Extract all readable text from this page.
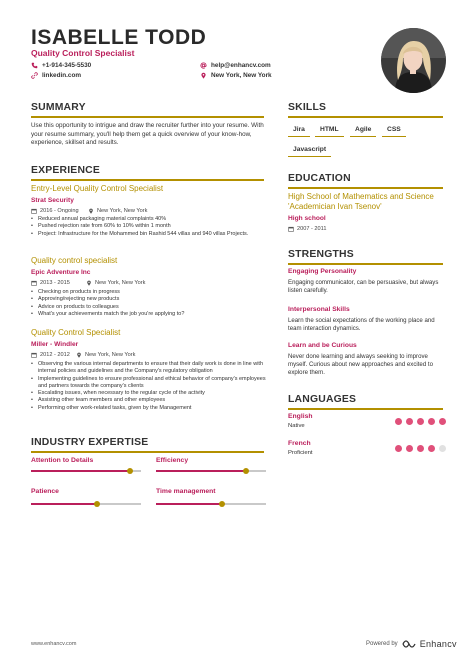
ISABELLE TODD
Quality Control Specialist
+1-914-345-5530	help@enhancv.com
linkedin.com	New York, New York
SUMMARY
Use this opportunity to intrigue and draw the recruiter further into your resume. With your resume summary, you'll help them get a quick overview of your know-how, experience, skillset and results.
EXPERIENCE
Entry-Level Quality Control Specialist
Strat Security
2016 - Ongoing	New York, New York
• Reduced annual packaging material complaints 40%
• Pushed rejection rate from 60% to 10% within 1 month
• Project: Infrastructure for the Mohammed bin Rashid 544 villas and 940 villas Projects.
Quality control specialist
Epic Adventure Inc
2013 - 2015	New York, New York
• Checking on products in progress
• Approving/rejecting new products
• Advice on products to colleagues
• What's your achievements match the job you're applying to?
Quality Control Specialist
Miller - Windler
2012 - 2012	New York, New York
• Observing the various internal departments to ensure that their daily work is done in line with internal policies and guidelines and the Company's regulatory obligation
• Implementing guidelines to ensure professional and ethical behavior of company's employees and partners towards the company's clients
• Escalating issues, when necessary to the regular cycle of the activity
• Assisting other team members and other employees
• Performing other work-related tasks, given by the Management
INDUSTRY EXPERTISE
Attention to Details	Efficiency
Patience	Time management
SKILLS
Jira	HTML	Agile	CSS
Javascript
EDUCATION
High School of Mathematics and Science 'Academician Ivan Tsenov'
High school
2007 - 2011
STRENGTHS
Engaging Personality
Engaging communicator, can be persuasive, but always listen carefully.
Interpersonal Skills
Learn the social expectations of the working place and team interaction dynamics.
Learn and be Curious
Never done learning and always seeking to improve myself. Curious about new approaches and excited to explore them.
LANGUAGES
English
Native
French
Proficient
www.enhancv.com	Powered by Enhancv
